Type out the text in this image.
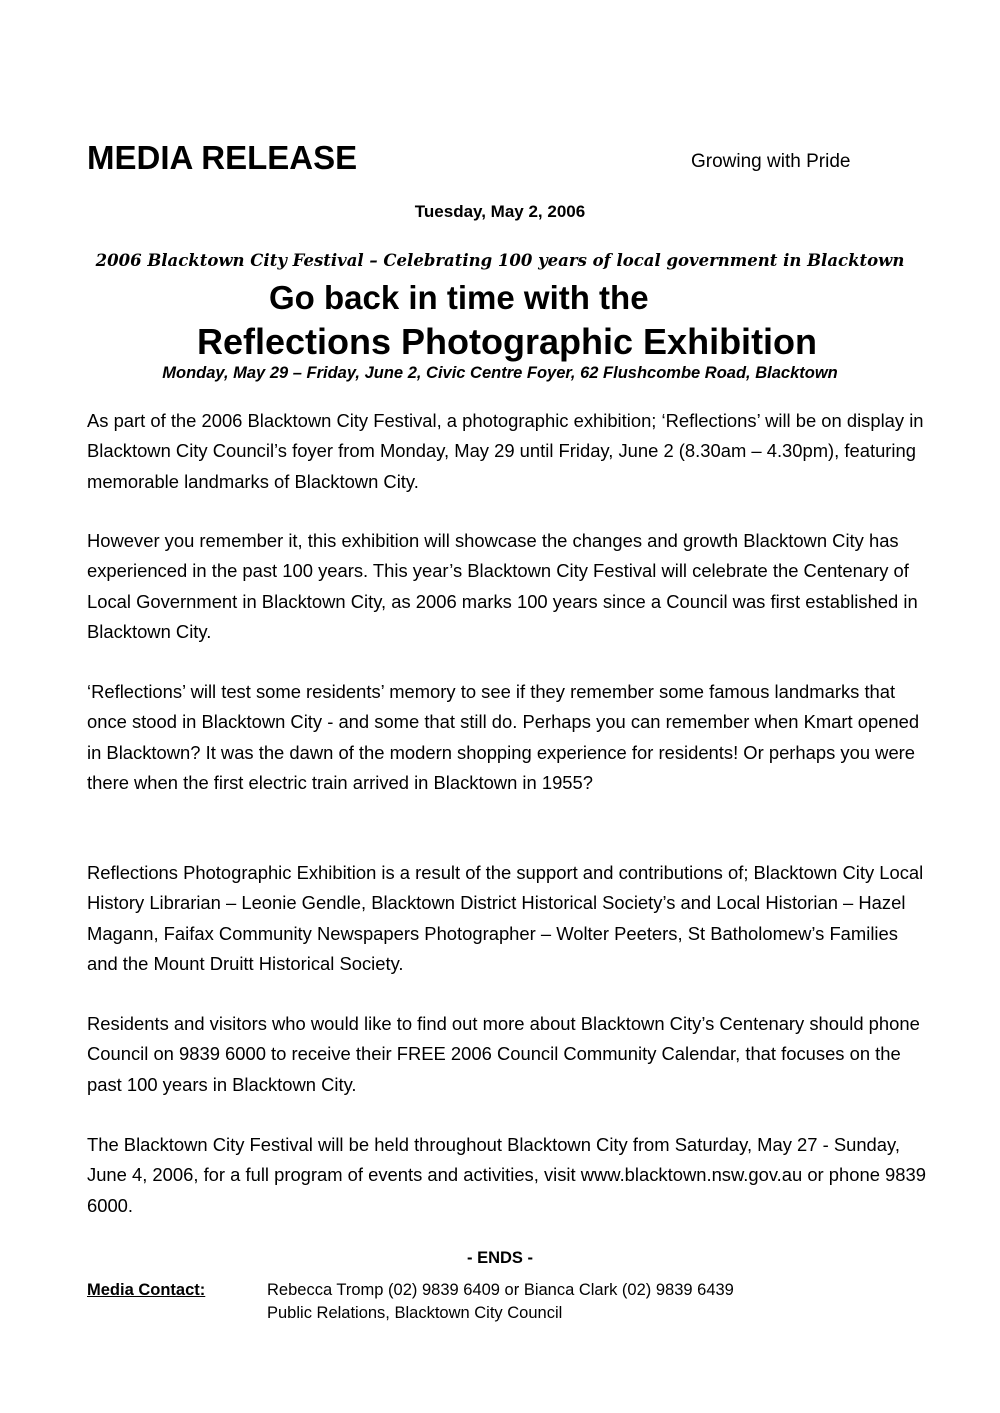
MEDIA RELEASE	Growing with Pride
Tuesday, May 2, 2006
2006 Blacktown City Festival – Celebrating 100 years of local government in Blacktown
Go back in time with the
Reflections Photographic Exhibition
Monday, May 29 – Friday, June 2, Civic Centre Foyer, 62 Flushcombe Road, Blacktown
As part of the 2006 Blacktown City Festival, a photographic exhibition; ‘Reflections’ will be on display in Blacktown City Council’s foyer from Monday, May 29 until Friday, June 2 (8.30am – 4.30pm), featuring memorable landmarks of Blacktown City.
However you remember it, this exhibition will showcase the changes and growth Blacktown City has experienced in the past 100 years. This year’s Blacktown City Festival will celebrate the Centenary of Local Government in Blacktown City, as 2006 marks 100 years since a Council was first established in Blacktown City.
‘Reflections’ will test some residents’ memory to see if they remember some famous landmarks that once stood in Blacktown City - and some that still do. Perhaps you can remember when Kmart opened in Blacktown? It was the dawn of the modern shopping experience for residents! Or perhaps you were there when the first electric train arrived in Blacktown in 1955?
Reflections Photographic Exhibition is a result of the support and contributions of; Blacktown City Local History Librarian – Leonie Gendle, Blacktown District Historical Society’s and Local Historian – Hazel Magann, Faifax Community Newspapers Photographer – Wolter Peeters, St Batholomew’s Families and the Mount Druitt Historical Society.
Residents and visitors who would like to find out more about Blacktown City’s Centenary should phone Council on 9839 6000 to receive their FREE 2006 Council Community Calendar, that focuses on the past 100 years in Blacktown City.
The Blacktown City Festival will be held throughout Blacktown City from Saturday, May 27 - Sunday, June 4, 2006, for a full program of events and activities, visit www.blacktown.nsw.gov.au or phone 9839 6000.
- ENDS -
Media Contact:	Rebecca Tromp (02) 9839 6409 or Bianca Clark (02) 9839 6439
Public Relations, Blacktown City Council
